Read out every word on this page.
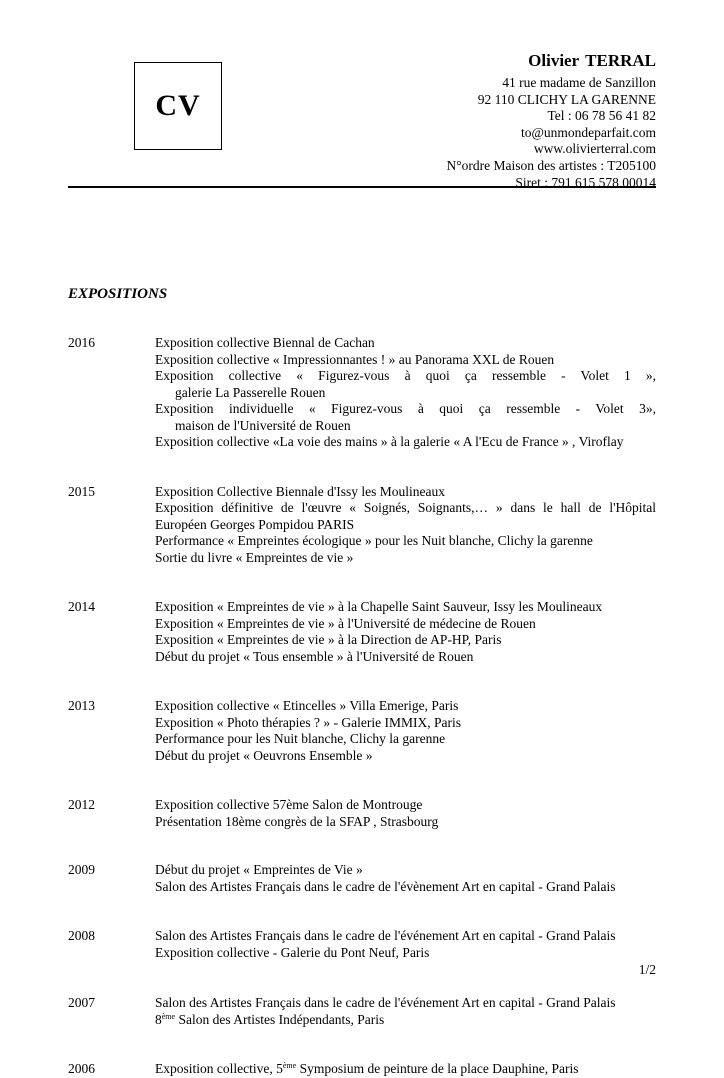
CV
Olivier TERRAL
41 rue madame de Sanzillon
92 110 CLICHY LA GARENNE
Tel : 06 78 56 41 82
to@unmondeparfait.com
www.olivierterral.com
N°ordre Maison des artistes : T205100
Siret : 791 615 578 00014
EXPOSITIONS
2016	Exposition collective Biennal de Cachan
Exposition collective « Impressionnantes ! » au Panorama XXL de Rouen
Exposition collective « Figurez-vous à quoi ça ressemble - Volet 1 »,
galerie La Passerelle Rouen
Exposition individuelle « Figurez-vous à quoi ça ressemble - Volet 3»,
maison de l'Université de Rouen
Exposition collective «La voie des mains » à la galerie « A l'Ecu de France » , Viroflay
2015	Exposition Collective Biennale d'Issy les Moulineaux
Exposition définitive de l'œuvre « Soignés, Soignants,… » dans le hall de l'Hôpital
Européen Georges Pompidou PARIS
Performance « Empreintes écologique » pour les Nuit blanche, Clichy la garenne
Sortie du livre « Empreintes de vie »
2014	Exposition « Empreintes de vie » à la Chapelle Saint Sauveur, Issy les Moulineaux
Exposition « Empreintes de vie » à l'Université de médecine de Rouen
Exposition « Empreintes de vie » à la Direction de AP-HP, Paris
Début du projet « Tous ensemble » à l'Université de Rouen
2013	Exposition collective « Etincelles » Villa Emerige, Paris
Exposition « Photo thérapies ? » - Galerie IMMIX, Paris
Performance pour les Nuit blanche, Clichy la garenne
Début du projet « Oeuvrons Ensemble »
2012	Exposition collective 57ème Salon de Montrouge
Présentation 18ème congrès de la SFAP , Strasbourg
2009	Début du projet « Empreintes de Vie »
Salon des Artistes Français dans le cadre de l'évènement Art en capital - Grand Palais
2008	Salon des Artistes Français dans le cadre de l'événement Art en capital - Grand Palais
Exposition collective - Galerie du Pont Neuf, Paris
2007	Salon des Artistes Français dans le cadre de l'événement Art en capital - Grand Palais
8ème Salon des Artistes Indépendants, Paris
2006	Exposition collective, 5ème Symposium de peinture de la place Dauphine, Paris
1/2
